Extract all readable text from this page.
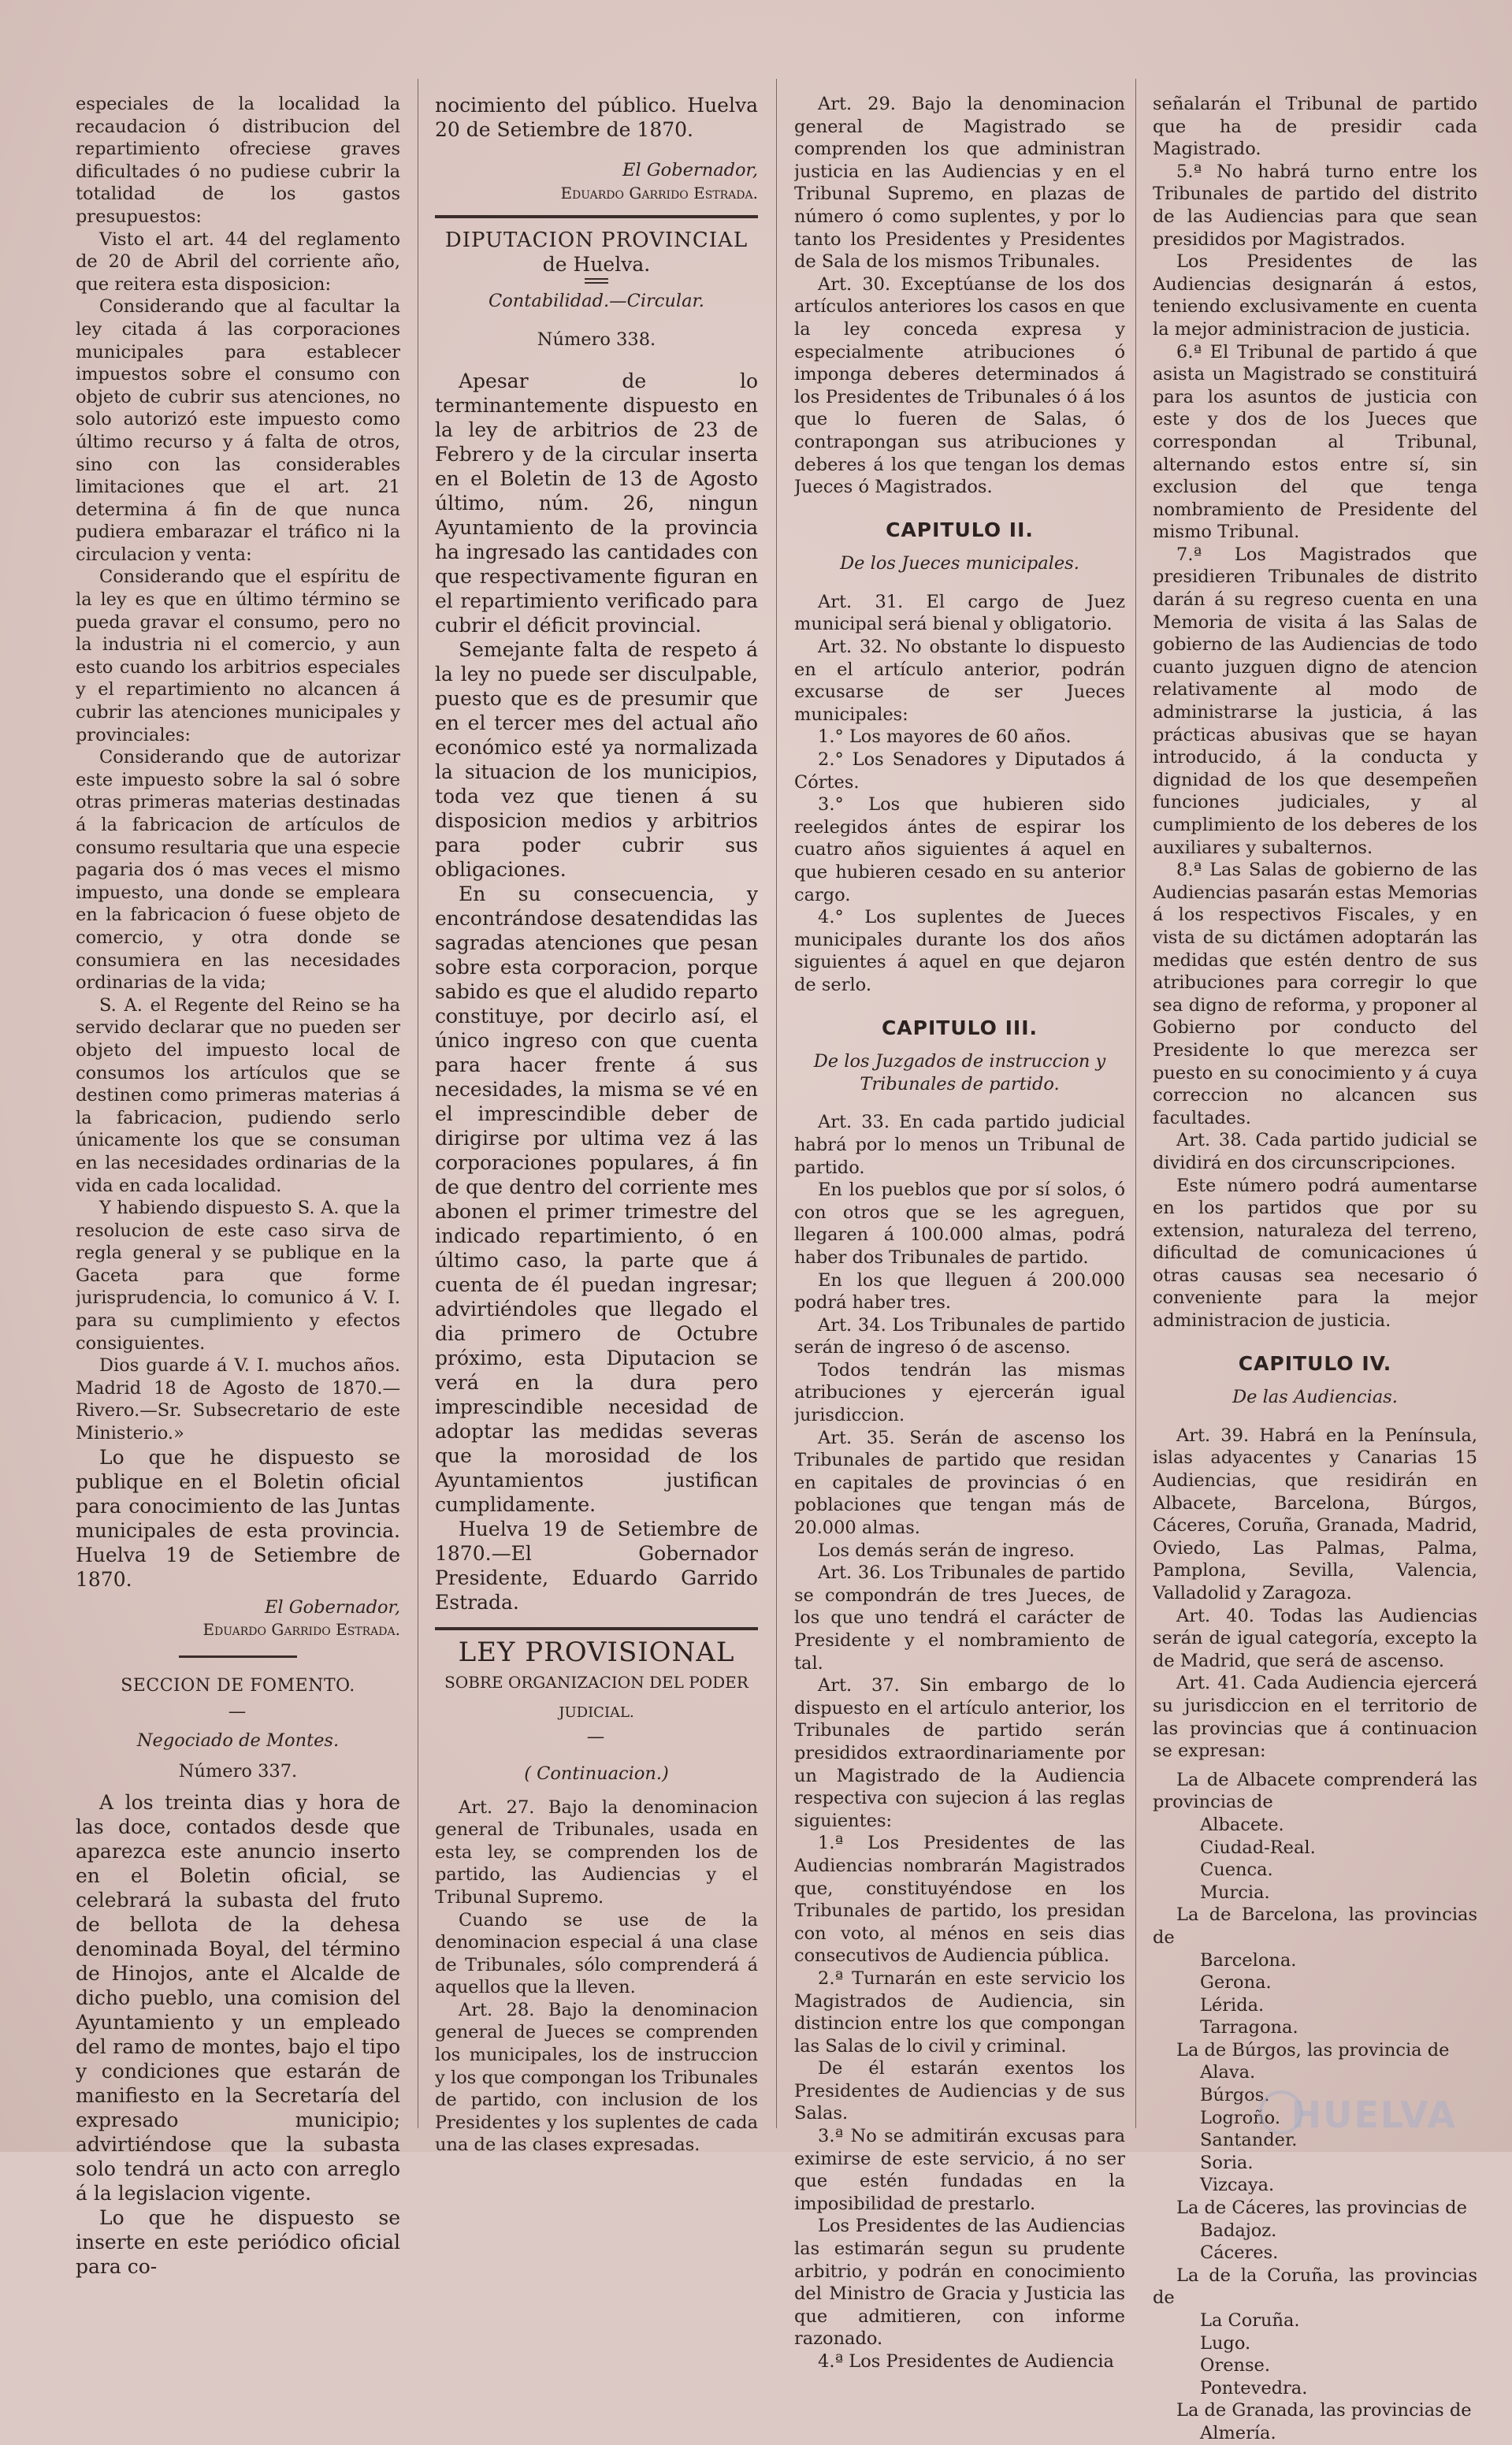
especiales de la localidad la recaudacion ó distribucion del repartimiento ofreciese graves dificultades ó no pudiese cubrir la totalidad de los gastos presupuestos:

Visto el art. 44 del reglamento de 20 de Abril del corriente año, que reitera esta disposicion:

Considerando que al facultar la ley citada á las corporaciones municipales para establecer impuestos sobre el consumo con objeto de cubrir sus atenciones, no solo autorizó este impuesto como último recurso y á falta de otros, sino con las considerables limitaciones que el art. 21 determina á fin de que nunca pudiera embarazar el tráfico ni la circulacion y venta:

Considerando que el espíritu de la ley es que en último término se pueda gravar el consumo, pero no la industria ni el comercio, y aun esto cuando los arbitrios especiales y el repartimiento no alcancen á cubrir las atenciones municipales y provinciales:

Considerando que de autorizar este impuesto sobre la sal ó sobre otras primeras materias destinadas á la fabricacion de artículos de consumo resultaria que una especie pagaria dos ó mas veces el mismo impuesto, una donde se empleara en la fabricacion ó fuese objeto de comercio, y otra donde se consumiera en las necesidades ordinarias de la vida;

S. A. el Regente del Reino se ha servido declarar que no pueden ser objeto del impuesto local de consumos los artículos que se destinen como primeras materias á la fabricacion, pudiendo serlo únicamente los que se consuman en las necesidades ordinarias de la vida en cada localidad.

Y habiendo dispuesto S. A. que la resolucion de este caso sirva de regla general y se publique en la Gaceta para que forme jurisprudencia, lo comunico á V. I. para su cumplimiento y efectos consiguientes.

Dios guarde á V. I. muchos años. Madrid 18 de Agosto de 1870.—Rivero.—Sr. Subsecretario de este Ministerio.»

Lo que he dispuesto se publique en el Boletin oficial para conocimiento de las Juntas municipales de esta provincia. Huelva 19 de Setiembre de 1870.

El Gobernador,
Eduardo Garrido Estrada.
SECCION DE FOMENTO.
—
Negociado de Montes.
Número 337.

A los treinta dias y hora de las doce, contados desde que aparezca este anuncio inserto en el Boletin oficial, se celebrará la subasta del fruto de bellota de la dehesa denominada Boyal, del término de Hinojos, ante el Alcalde de dicho pueblo, una comision del Ayuntamiento y un empleado del ramo de montes, bajo el tipo y condiciones que estarán de manifiesto en la Secretaría del expresado municipio; advirtiéndose que la subasta solo tendrá un acto con arreglo á la legislacion vigente.

Lo que he dispuesto se inserte en este periódico oficial para co-

nocimiento del público. Huelva 20 de Setiembre de 1870.

El Gobernador,
Eduardo Garrido Estrada.
DIPUTACION PROVINCIAL
de Huelva.
Contabilidad.—Circular.
Número 338.

Apesar de lo terminantemente dispuesto en la ley de arbitrios de 23 de Febrero y de la circular inserta en el Boletin de 13 de Agosto último, núm. 26, ningun Ayuntamiento de la provincia ha ingresado las cantidades con que respectivamente figuran en el repartimiento verificado para cubrir el déficit provincial.

Semejante falta de respeto á la ley no puede ser disculpable, puesto que es de presumir que en el tercer mes del actual año económico esté ya normalizada la situacion de los municipios, toda vez que tienen á su disposicion medios y arbitrios para poder cubrir sus obligaciones.

En su consecuencia, y encontrándose desatendidas las sagradas atenciones que pesan sobre esta corporacion, porque sabido es que el aludido reparto constituye, por decirlo así, el único ingreso con que cuenta para hacer frente á sus necesidades, la misma se vé en el imprescindible deber de dirigirse por ultima vez á las corporaciones populares, á fin de que dentro del corriente mes abonen el primer trimestre del indicado repartimiento, ó en último caso, la parte que á cuenta de él puedan ingresar; advirtiéndoles que llegado el dia primero de Octubre próximo, esta Diputacion se verá en la dura pero imprescindible necesidad de adoptar las medidas severas que la morosidad de los Ayuntamientos justifican cumplidamente.

Huelva 19 de Setiembre de 1870.—El Gobernador Presidente, Eduardo Garrido Estrada.

LEY PROVISIONAL
SOBRE ORGANIZACION DEL PODER
JUDICIAL.
—
( Continuacion.)

Art. 27. Bajo la denominacion general de Tribunales, usada en esta ley, se comprenden los de partido, las Audiencias y el Tribunal Supremo.

Cuando se use de la denominacion especial á una clase de Tribunales, sólo comprenderá á aquellos que la lleven.

Art. 28. Bajo la denominacion general de Jueces se comprenden los municipales, los de instruccion y los que compongan los Tribunales de partido, con inclusion de los Presidentes y los suplentes de cada una de las clases expresadas.

Art. 29. Bajo la denominacion general de Magistrado se comprenden los que administran justicia en las Audiencias y en el Tribunal Supremo, en plazas de número ó como suplentes, y por lo tanto los Presidentes y Presidentes de Sala de los mismos Tribunales.

Art. 30. Exceptúanse de los dos artículos anteriores los casos en que la ley conceda expresa y especialmente atribuciones ó imponga deberes determinados á los Presidentes de Tribunales ó á los que lo fueren de Salas, ó contrapongan sus atribuciones y deberes á los que tengan los demas Jueces ó Magistrados.

CAPITULO II.
De los Jueces municipales.

Art. 31. El cargo de Juez municipal será bienal y obligatorio.

Art. 32. No obstante lo dispuesto en el artículo anterior, podrán excusarse de ser Jueces municipales:

1.° Los mayores de 60 años.

2.° Los Senadores y Diputados á Córtes.

3.° Los que hubieren sido reelegidos ántes de espirar los cuatro años siguientes á aquel en que hubieren cesado en su anterior cargo.

4.° Los suplentes de Jueces municipales durante los dos años siguientes á aquel en que dejaron de serlo.

CAPITULO III.
De los Juzgados de instruccion y Tribunales de partido.

Art. 33. En cada partido judicial habrá por lo menos un Tribunal de partido.

En los pueblos que por sí solos, ó con otros que se les agreguen, llegaren á 100.000 almas, podrá haber dos Tribunales de partido.

En los que lleguen á 200.000 podrá haber tres.

Art. 34. Los Tribunales de partido serán de ingreso ó de ascenso.

Todos tendrán las mismas atribuciones y ejercerán igual jurisdiccion.

Art. 35. Serán de ascenso los Tribunales de partido que residan en capitales de provincias ó en poblaciones que tengan más de 20.000 almas.

Los demás serán de ingreso.

Art. 36. Los Tribunales de partido se compondrán de tres Jueces, de los que uno tendrá el carácter de Presidente y el nombramiento de tal.

Art. 37. Sin embargo de lo dispuesto en el artículo anterior, los Tribunales de partido serán presididos extraordinariamente por un Magistrado de la Audiencia respectiva con sujecion á las reglas siguientes:

1.ª Los Presidentes de las Audiencias nombrarán Magistrados que, constituyéndose en los Tribunales de partido, los presidan con voto, al ménos en seis dias consecutivos de Audiencia pública.

2.ª Turnarán en este servicio los Magistrados de Audiencia, sin distincion entre los que compongan las Salas de lo civil y criminal.

De él estarán exentos los Presidentes de Audiencias y de sus Salas.

3.ª No se admitirán excusas para eximirse de este servicio, á no ser que estén fundadas en la imposibilidad de prestarlo.

Los Presidentes de las Audiencias las estimarán segun su prudente arbitrio, y podrán en conocimiento del Ministro de Gracia y Justicia las que admitieren, con informe razonado.

4.ª Los Presidentes de Audiencia

señalarán el Tribunal de partido que ha de presidir cada Magistrado.

5.ª No habrá turno entre los Tribunales de partido del distrito de las Audiencias para que sean presididos por Magistrados.

Los Presidentes de las Audiencias designarán á estos, teniendo exclusivamente en cuenta la mejor administracion de justicia.

6.ª El Tribunal de partido á que asista un Magistrado se constituirá para los asuntos de justicia con este y dos de los Jueces que correspondan al Tribunal, alternando estos entre sí, sin exclusion del que tenga nombramiento de Presidente del mismo Tribunal.

7.ª Los Magistrados que presidieren Tribunales de distrito darán á su regreso cuenta en una Memoria de visita á las Salas de gobierno de las Audiencias de todo cuanto juzguen digno de atencion relativamente al modo de administrarse la justicia, á las prácticas abusivas que se hayan introducido, á la conducta y dignidad de los que desempeñen funciones judiciales, y al cumplimiento de los deberes de los auxiliares y subalternos.

8.ª Las Salas de gobierno de las Audiencias pasarán estas Memorias á los respectivos Fiscales, y en vista de su dictámen adoptarán las medidas que estén dentro de sus atribuciones para corregir lo que sea digno de reforma, y proponer al Gobierno por conducto del Presidente lo que merezca ser puesto en su conocimiento y á cuya correccion no alcancen sus facultades.

Art. 38. Cada partido judicial se dividirá en dos circunscripciones.

Este número podrá aumentarse en los partidos que por su extension, naturaleza del terreno, dificultad de comunicaciones ú otras causas sea necesario ó conveniente para la mejor administracion de justicia.

CAPITULO IV.
De las Audiencias.

Art. 39. Habrá en la Península, islas adyacentes y Canarias 15 Audiencias, que residirán en Albacete, Barcelona, Búrgos, Cáceres, Coruña, Granada, Madrid, Oviedo, Las Palmas, Palma, Pamplona, Sevilla, Valencia, Valladolid y Zaragoza.

Art. 40. Todas las Audiencias serán de igual categoría, excepto la de Madrid, que será de ascenso.

Art. 41. Cada Audiencia ejercerá su jurisdiccion en el territorio de las provincias que á continuacion se expresan:

La de Albacete comprenderá las provincias de

Albacete.
Ciudad-Real.
Cuenca.
Murcia.

La de Barcelona, las provincias de

Barcelona.
Gerona.
Lérida.
Tarragona.

La de Búrgos, las provincia de

Alava.
Búrgos.
Logroño.
Santander.
Soria.
Vizcaya.

La de Cáceres, las provincias de

Badajoz.
Cáceres.

La de la Coruña, las provincias de

La Coruña.
Lugo.
Orense.
Pontevedra.

La de Granada, las provincias de

Almería.
HUELVA
